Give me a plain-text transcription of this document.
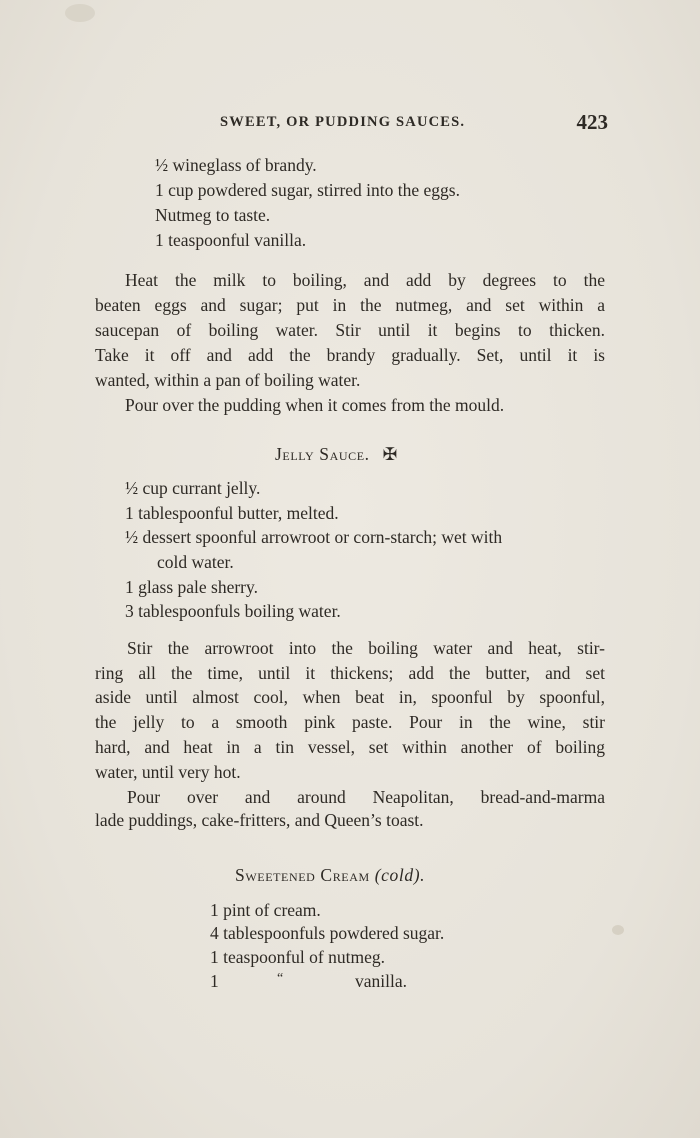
SWEET, OR PUDDING SAUCES.	423
½ wineglass of brandy.
1 cup powdered sugar, stirred into the eggs.
Nutmeg to taste.
1 teaspoonful vanilla.
Heat the milk to boiling, and add by degrees to the
beaten eggs and sugar; put in the nutmeg, and set within a
saucepan of boiling water. Stir until it begins to thicken.
Take it off and add the brandy gradually. Set, until it is
wanted, within a pan of boiling water.
Pour over the pudding when it comes from the mould.
Jelly Sauce. ✠
½ cup currant jelly.
1 tablespoonful butter, melted.
½ dessert spoonful arrowroot or corn-starch; wet with
cold water.
1 glass pale sherry.
3 tablespoonfuls boiling water.
Stir the arrowroot into the boiling water and heat, stir-
ring all the time, until it thickens; add the butter, and set
aside until almost cool, when beat in, spoonful by spoonful,
the jelly to a smooth pink paste. Pour in the wine, stir
hard, and heat in a tin vessel, set within another of boiling
water, until very hot.
Pour over and around Neapolitan, bread-and-marma
lade puddings, cake-fritters, and Queen’s toast.
Sweetened Cream (cold).
1 pint of cream.
4 tablespoonfuls powdered sugar.
1 teaspoonful of nutmeg.
1	“	vanilla.
